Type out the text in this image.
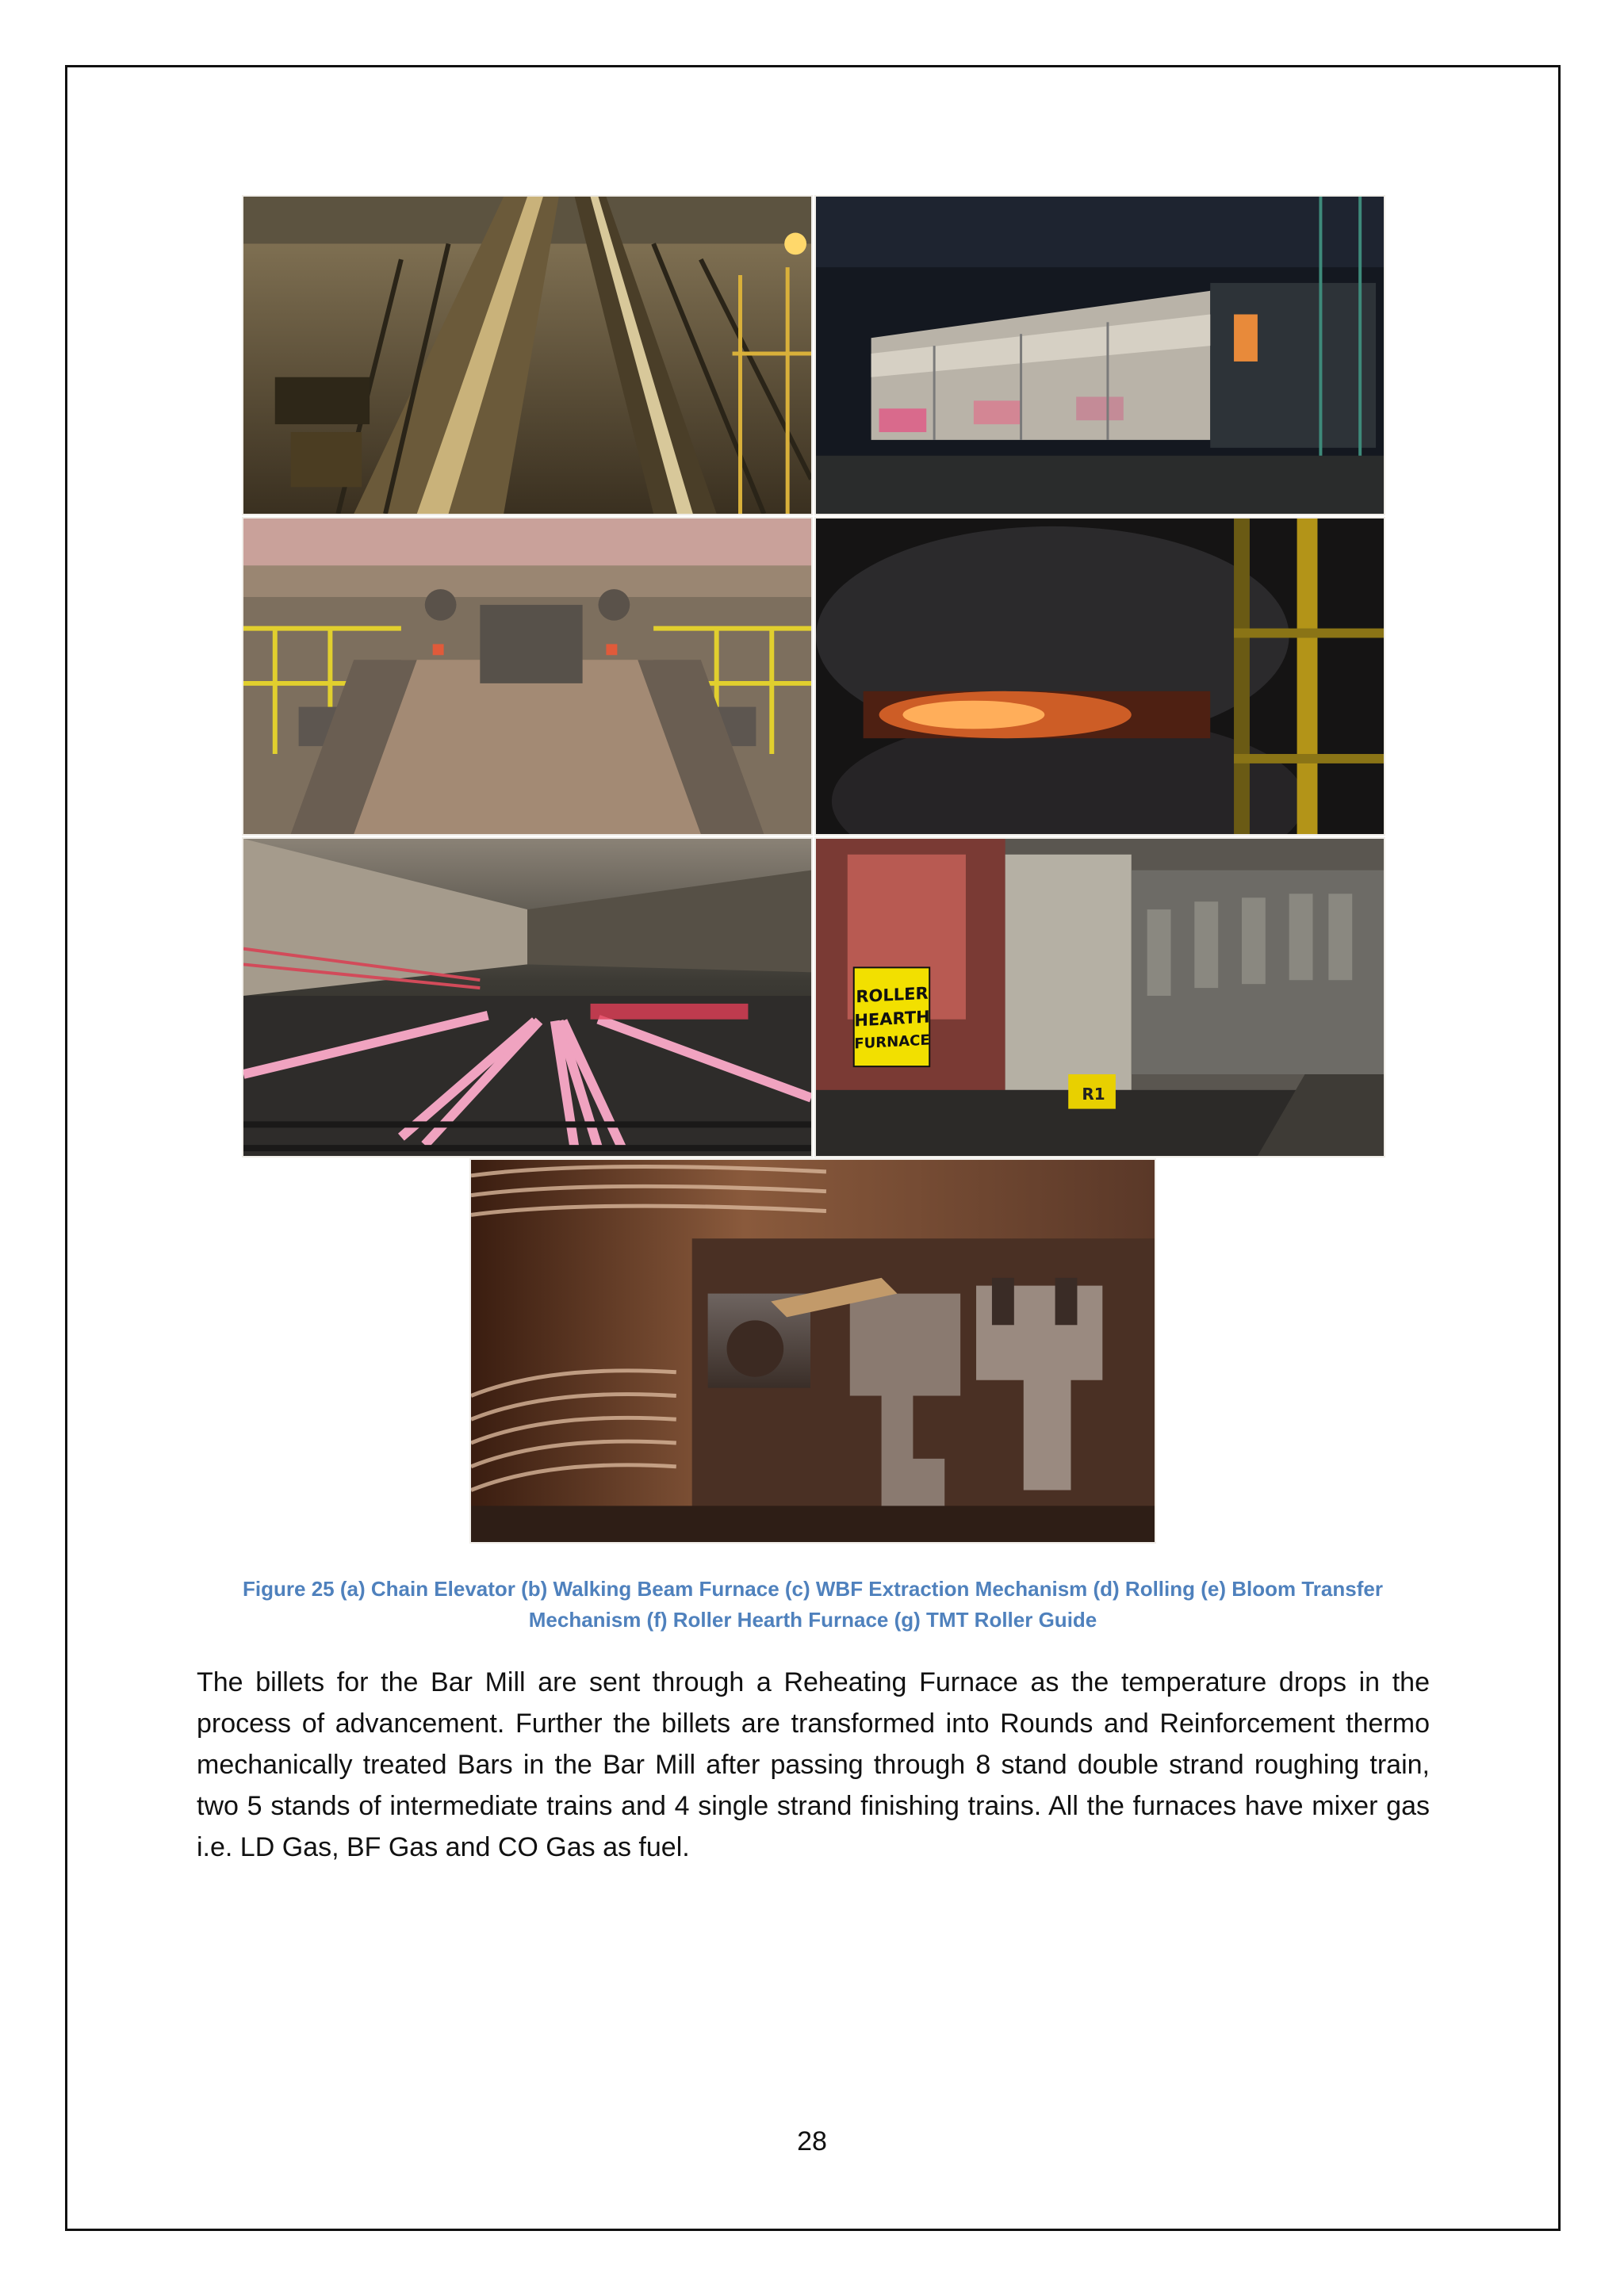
ROLLER
HEARTH
FURNACE
R1
Figure 25 (a) Chain Elevator (b) Walking Beam Furnace (c) WBF Extraction Mechanism (d) Rolling (e) Bloom Transfer
Mechanism (f) Roller Hearth Furnace (g) TMT Roller Guide
The billets for the Bar Mill are sent through a Reheating Furnace as the temperature drops in the process of advancement. Further the billets are transformed into Rounds and Reinforcement thermo mechanically treated Bars in the Bar Mill after passing through 8 stand double strand roughing train, two 5 stands of intermediate trains and 4 single strand finishing trains. All the furnaces have mixer gas i.e. LD Gas, BF Gas and CO Gas as fuel.
28
